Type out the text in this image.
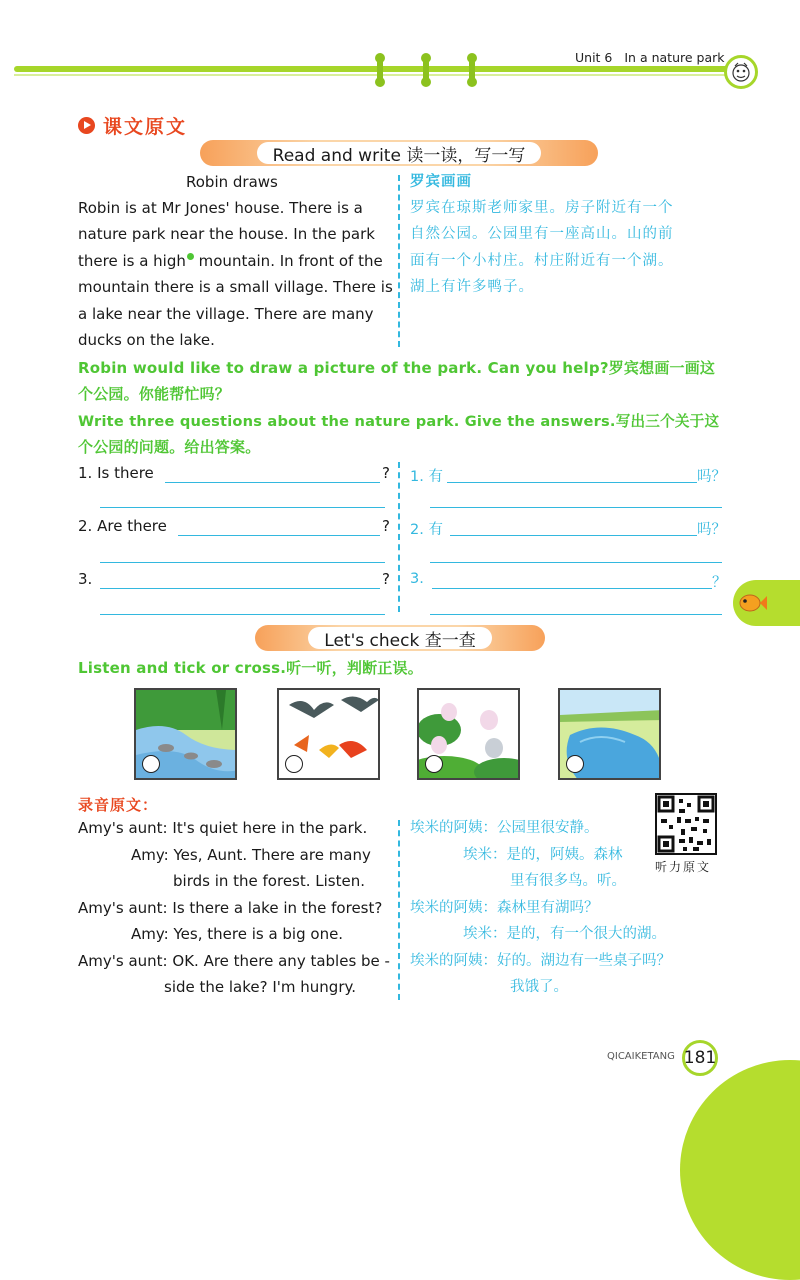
Unit 6 In a nature park
课文原文
Read and write 读一读，写一写
Robin draws	罗宾画画
Robin is at Mr Jones' house. There is a
nature park near the house. In the park
there is a high mountain. In front of the
mountain there is a small village. There is
a lake near the village. There are many
ducks on the lake.
罗宾在琼斯老师家里。房子附近有一个
自然公园。公园里有一座高山。山的前
面有一个小村庄。村庄附近有一个湖。
湖上有许多鸭子。
Robin would like to draw a picture of the park. Can you help?罗宾想画一画这
个公园。你能帮忙吗？
Write three questions about the nature park. Give the answers.写出三个关于这
个公园的问题。给出答案。
1. Is there	? 1. 有	吗？
2. Are there	? 2. 有	吗？
3.	? 3.	？
Let's check 查一查
Listen and tick or cross.听一听，判断正误。
录音原文：
Amy's aunt: It's quiet here in the park.
Amy: Yes, Aunt. There are many
birds in the forest. Listen.
Amy's aunt: Is there a lake in the forest?
Amy: Yes, there is a big one.
Amy's aunt: OK. Are there any tables be -
side the lake? I'm hungry.
埃米的阿姨：公园里很安静。
埃米：是的，阿姨。森林
里有很多鸟。听。
埃米的阿姨：森林里有湖吗？
埃米：是的，有一个很大的湖。
埃米的阿姨：好的。湖边有一些桌子吗？
我饿了。
听力原文
QICAIKETANG 181
